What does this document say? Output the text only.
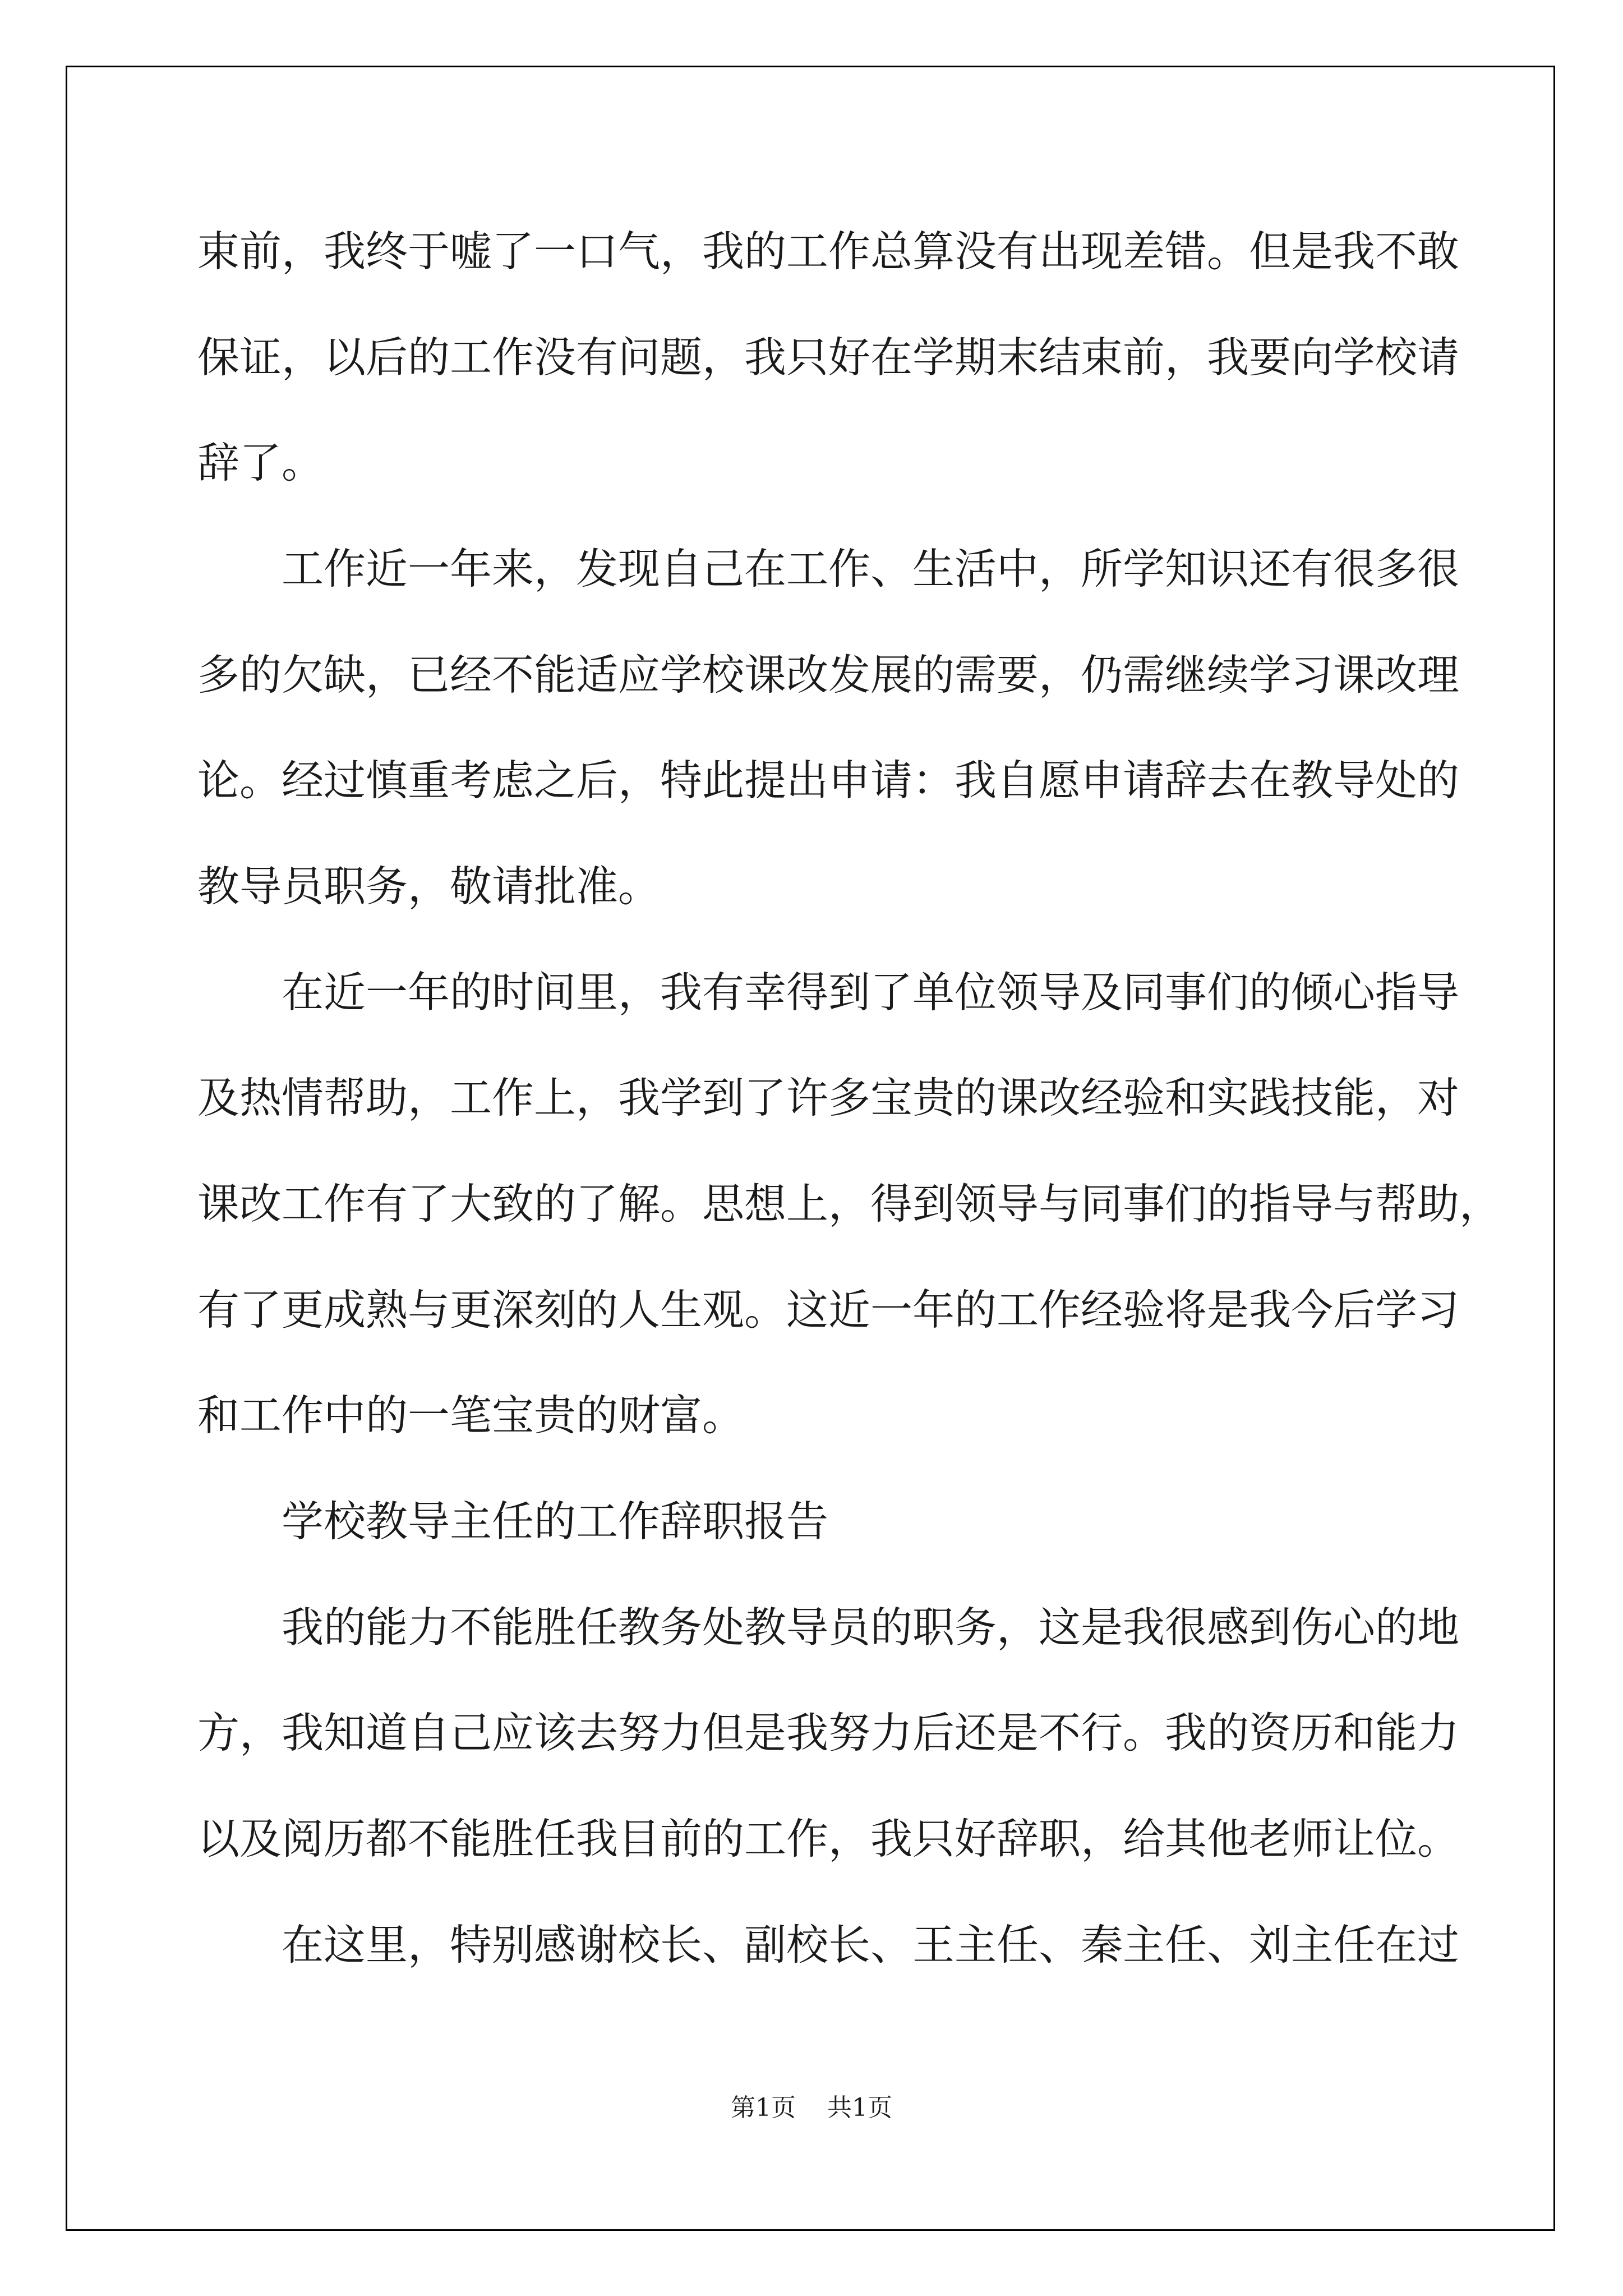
束前，我终于嘘了一口气，我的工作总算没有出现差错。但是我不敢

保证，以后的工作没有问题，我只好在学期末结束前，我要向学校请

辞了。

工作近一年来，发现自己在工作、生活中，所学知识还有很多很

多的欠缺，已经不能适应学校课改发展的需要，仍需继续学习课改理

论。经过慎重考虑之后，特此提出申请：我自愿申请辞去在教导处的

教导员职务，敬请批准。

在近一年的时间里，我有幸得到了单位领导及同事们的倾心指导

及热情帮助，工作上，我学到了许多宝贵的课改经验和实践技能，对

课改工作有了大致的了解。思想上，得到领导与同事们的指导与帮助，

有了更成熟与更深刻的人生观。这近一年的工作经验将是我今后学习

和工作中的一笔宝贵的财富。

学校教导主任的工作辞职报告

我的能力不能胜任教务处教导员的职务，这是我很感到伤心的地

方，我知道自己应该去努力但是我努力后还是不行。我的资历和能力

以及阅历都不能胜任我目前的工作，我只好辞职，给其他老师让位。

在这里，特别感谢校长、副校长、王主任、秦主任、刘主任在过

第1页    共1页
